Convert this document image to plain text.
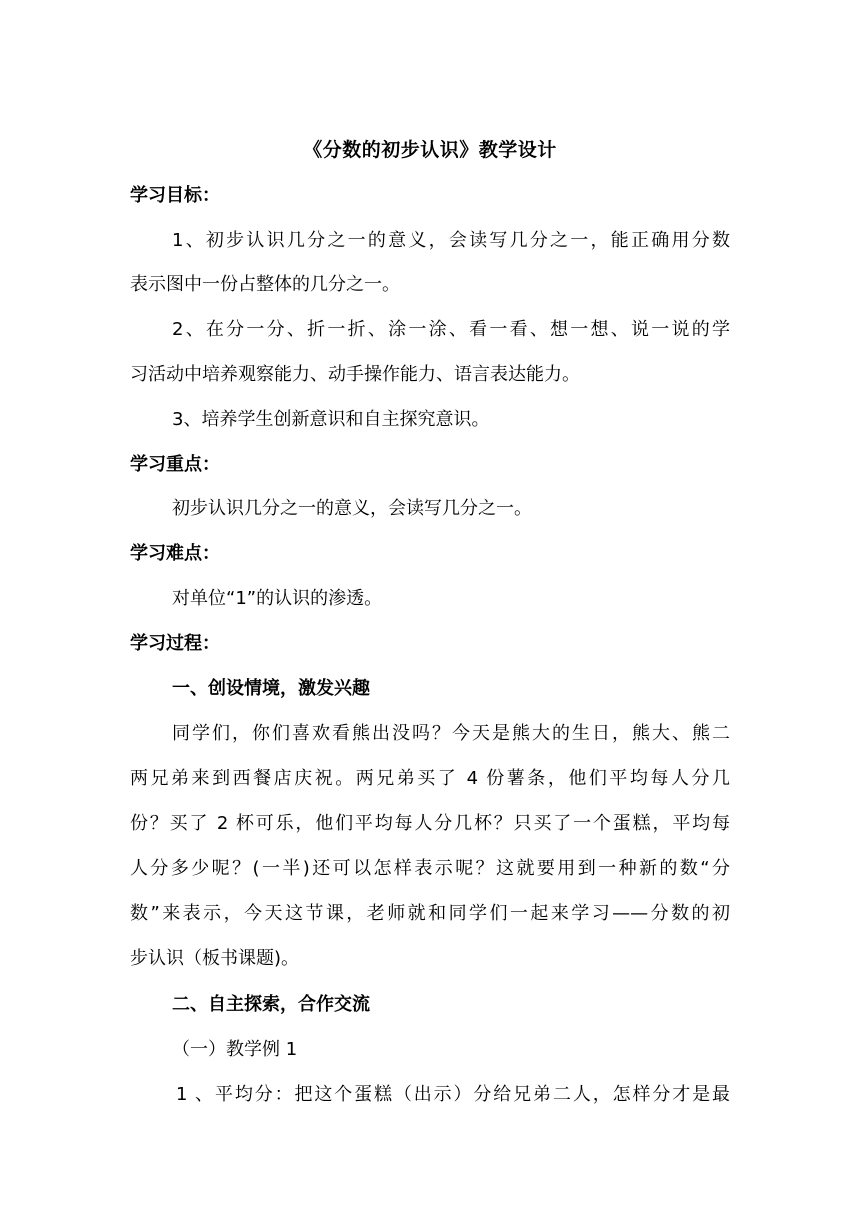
《分数的初步认识》教学设计
学习目标：
1、初步认识几分之一的意义，会读写几分之一，能正确用分数
表示图中一份占整体的几分之一。
2、在分一分、折一折、涂一涂、看一看、想一想、说一说的学
习活动中培养观察能力、动手操作能力、语言表达能力。
3、培养学生创新意识和自主探究意识。
学习重点：
初步认识几分之一的意义，会读写几分之一。
学习难点：
对单位“1”的认识的渗透。
学习过程：
一、创设情境，激发兴趣
同学们，你们喜欢看熊出没吗？今天是熊大的生日，熊大、熊二
两兄弟来到西餐店庆祝。两兄弟买了 4 份薯条，他们平均每人分几
份？买了 2 杯可乐，他们平均每人分几杯？只买了一个蛋糕，平均每
人分多少呢？(一半)还可以怎样表示呢？这就要用到一种新的数“分
数”来表示，今天这节课，老师就和同学们一起来学习——分数的初
步认识（板书课题)。
二、自主探索，合作交流
（一）教学例 1
1 、平均分：把这个蛋糕（出示）分给兄弟二人，怎样分才是最
